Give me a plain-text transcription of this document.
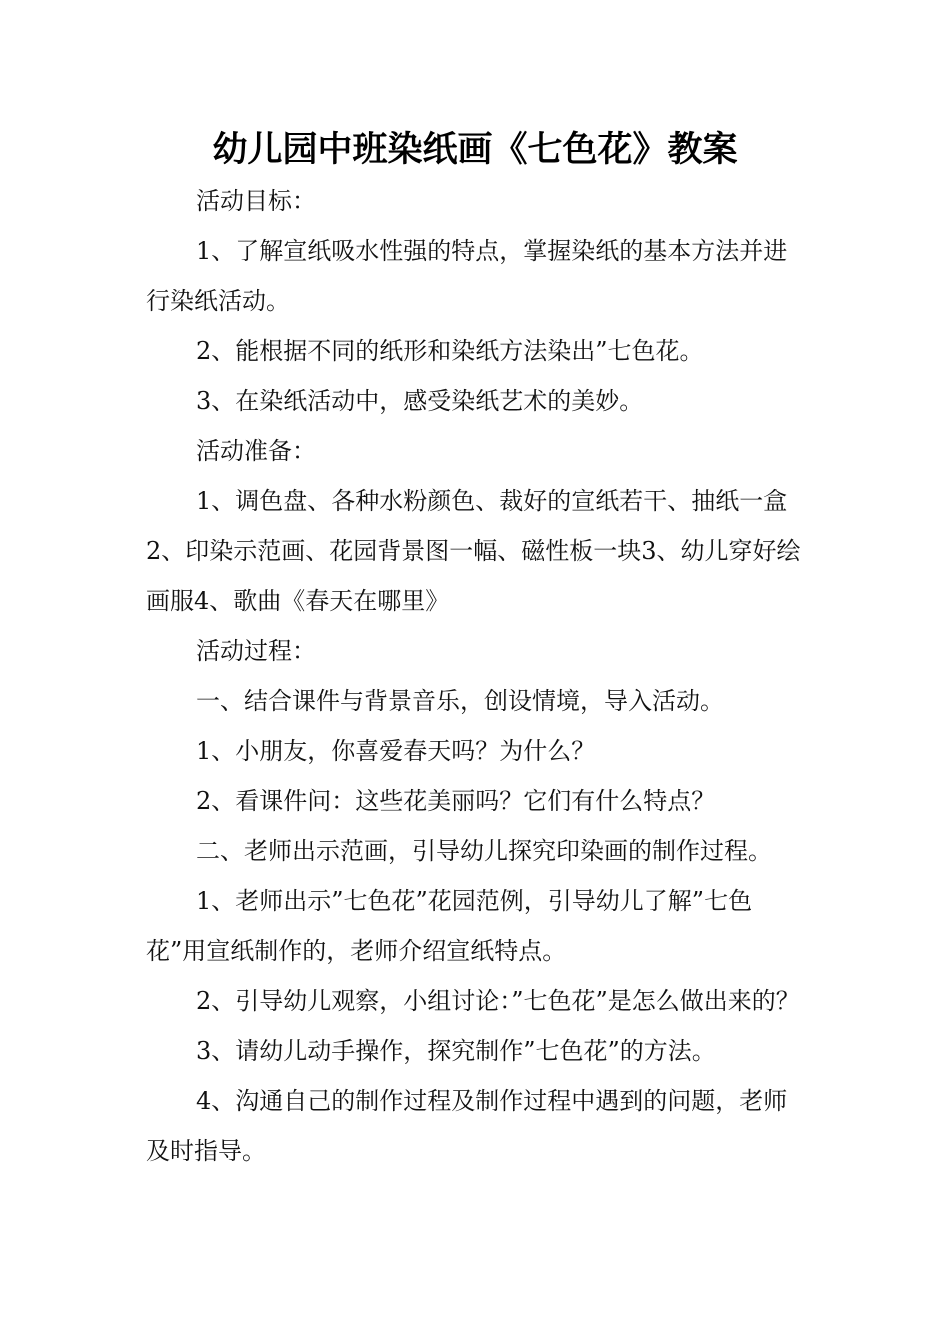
幼儿园中班染纸画《七色花》教案

活动目标：

1、了解宣纸吸水性强的特点，掌握染纸的基本方法并进行染纸活动。

2、能根据不同的纸形和染纸方法染出”七色花。

3、在染纸活动中，感受染纸艺术的美妙。

活动准备：

1、调色盘、各种水粉颜色、裁好的宣纸若干、抽纸一盒2、印染示范画、花园背景图一幅、磁性板一块3、幼儿穿好绘画服4、歌曲《春天在哪里》

活动过程：

一、结合课件与背景音乐，创设情境，导入活动。

1、小朋友，你喜爱春天吗？为什么？

2、看课件问：这些花美丽吗？它们有什么特点？

二、老师出示范画，引导幼儿探究印染画的制作过程。

1、老师出示”七色花”花园范例，引导幼儿了解”七色花”用宣纸制作的，老师介绍宣纸特点。

2、引导幼儿观察，小组讨论：”七色花”是怎么做出来的？

3、请幼儿动手操作，探究制作”七色花”的方法。

4、沟通自己的制作过程及制作过程中遇到的问题，老师及时指导。
